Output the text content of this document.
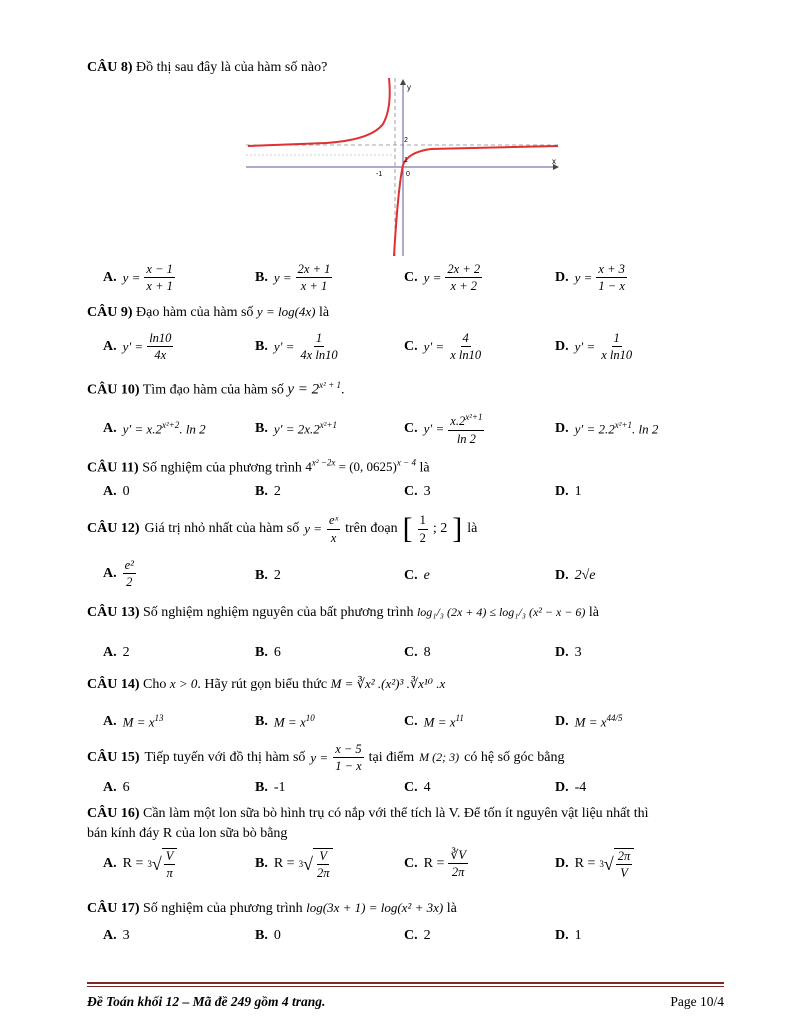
CÂU 8) Đồ thị sau đây là của hàm số nào?
y
x
2
1
-1	0
A. $y = \frac{x - 1}{x + 1}$	B. $y = \frac{2x + 1}{x + 1}$	C. $y = \frac{2x + 2}{x + 2}$	D. $y = \frac{x + 3}{1 - x}$
CÂU 9) Đạo hàm của hàm số y = log(4x) là
A. $y' = \frac{\ln 10}{4x}$	B. $y' = \frac{1}{\text{4x ln10}}$	C. $y' = \frac{4}{\text{x ln10}}$	D. $y' = \frac{1}{\text{x ln10}}$
CÂU 10) Tìm đạo hàm của hàm số $y = 2^{x^2 + 1}$.
A. $y' = x.2^{x^2+2}$. ln 2	B. $y' = 2x.2^{x^2+1}$	C. $y' = \frac{x.2^{x^2+1}}{\ln 2}$	D. $y' = 2.2^{x^2+1}$. ln 2
CÂU 11) Số nghiệm của phương trình $4^{x^2 -2x} = (0$, 0625)$^{x - 4}$ là
A. 0	B. 2	C. 3	D. 1
CÂU 12) Giá trị nhỏ nhất của hàm số $y = \frac{\text{eˣ}}{x}$ trên đoạn [ $\frac{1}{2}$ ; 2 ] là
A. $\frac{\text{e²}}{2}$	B. 2	C. e	D. 2√e
CÂU 13) Số nghiệm nghiệm nguyên của bất phương trình log₁/₃ (2x + 4) ≤ log₁/₃ (x² − x − 6) là
A. 2	B. 6	C. 8	D. 3
CÂU 14) Cho x > 0. Hãy rút gọn biểu thức M = ∛x² .(x²)³ .∛x¹⁰ .x
A. $M = x^{13}$	B. $M = x^{10}$	C. $M = x^{11}$	D. $M = x^{44/5}$
CÂU 15) Tiếp tuyến với đồ thị hàm số $y = \frac{x - 5}{1 - x}$ tại điểm M (2; 3) có hệ số góc bằng
A. 6	B. -1	C. 4	D. -4
CÂU 16) Cần làm một lon sữa bò hình trụ có nắp với thể tích là V. Để tốn ít nguyên vật liệu nhất thì
bán kính đáy R của lon sữa bò bằng
A. R = 3 √ $\frac{V}{\pi}$	B. R = 3 √ $\frac{V}{2\pi}$	C. $R = \frac{∛V}{2\pi}$	D. R = 3 √ $\frac{2\pi}{V}$
CÂU 17) Số nghiệm của phương trình log(3x + 1) = log(x² + 3x) là
A. 3	B. 0	C. 2	D. 1
Đề Toán khối 12 – Mã đề 249 gồm 4 trang.	Page 10/4
